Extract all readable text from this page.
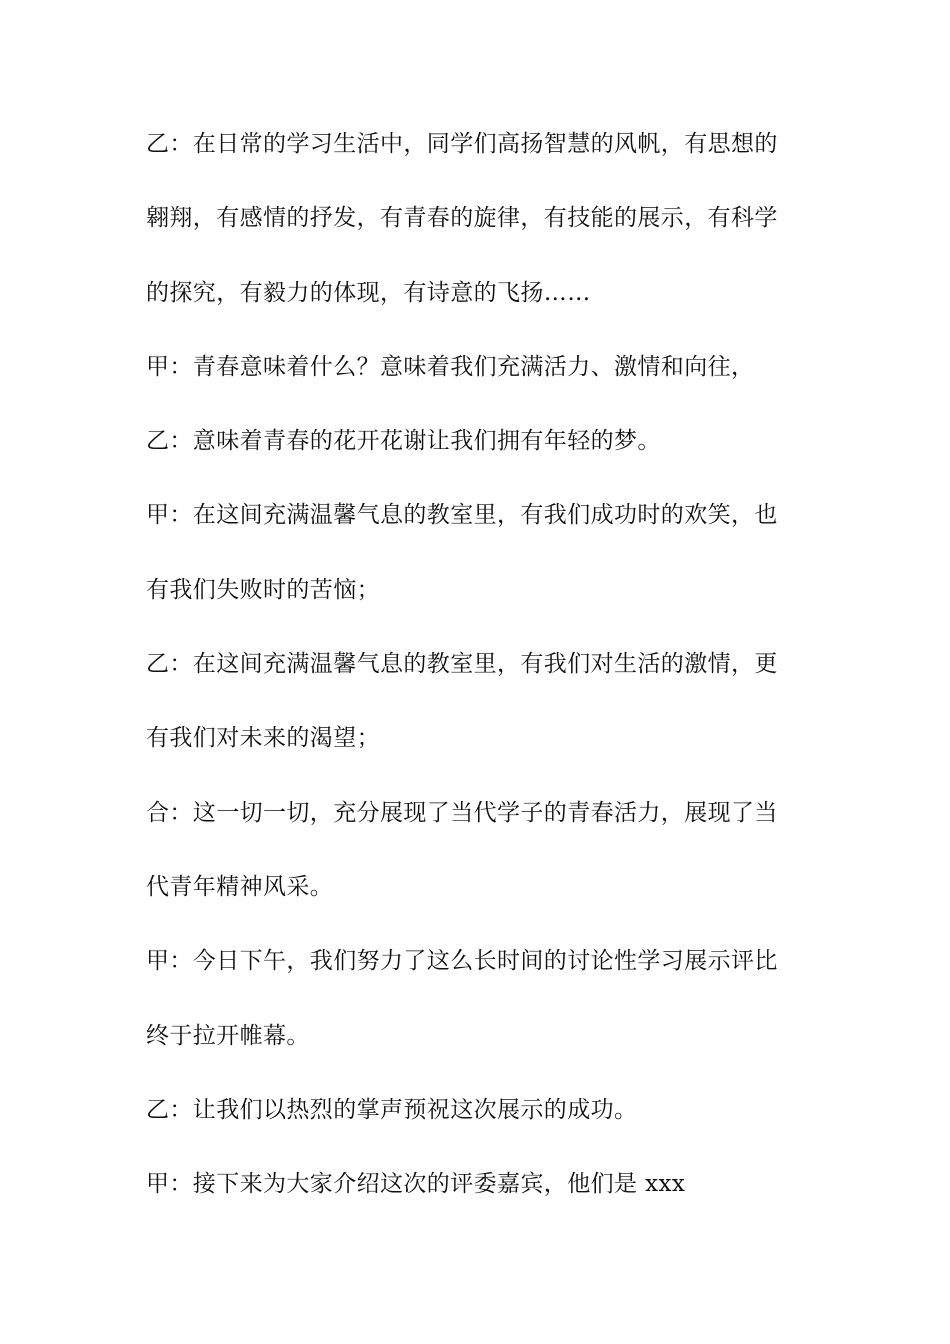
乙：在日常的学习生活中，同学们高扬智慧的风帆，有思想的
翱翔，有感情的抒发，有青春的旋律，有技能的展示，有科学
的探究，有毅力的体现，有诗意的飞扬……
甲：青春意味着什么？意味着我们充满活力、激情和向往，
乙：意味着青春的花开花谢让我们拥有年轻的梦。
甲：在这间充满温馨气息的教室里，有我们成功时的欢笑，也
有我们失败时的苦恼；
乙：在这间充满温馨气息的教室里，有我们对生活的激情，更
有我们对未来的渴望；
合：这一切一切，充分展现了当代学子的青春活力，展现了当
代青年精神风采。
甲：今日下午，我们努力了这么长时间的讨论性学习展示评比
终于拉开帷幕。
乙：让我们以热烈的掌声预祝这次展示的成功。
甲：接下来为大家介绍这次的评委嘉宾，他们是 xxx
